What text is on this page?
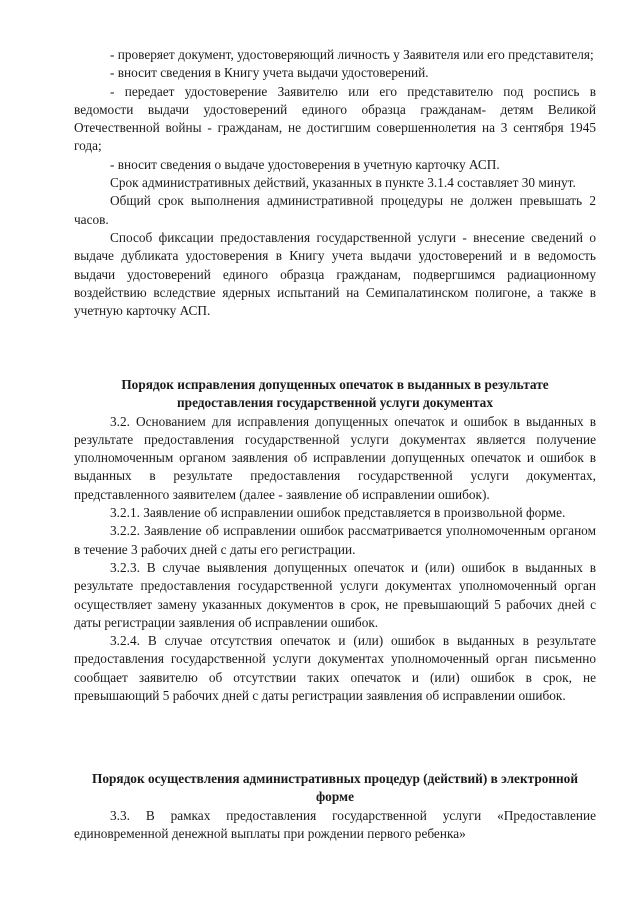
- проверяет документ, удостоверяющий личность у Заявителя или его представителя;

- вносит сведения в Книгу учета выдачи удостоверений.

- передает удостоверение Заявителю или его представителю под роспись в ведомости выдачи удостоверений единого образца гражданам- детям Великой Отечественной войны - гражданам, не достигшим совершеннолетия на 3 сентября 1945 года;

- вносит сведения о выдаче удостоверения в учетную карточку АСП.

Срок административных действий, указанных в пункте 3.1.4 составляет 30 минут.

Общий срок выполнения административной процедуры не должен превышать 2 часов.

Способ фиксации предоставления государственной услуги - внесение сведений о выдаче дубликата удостоверения в Книгу учета выдачи удостоверений и в ведомость выдачи удостоверений единого образца гражданам, подвергшимся радиационному воздействию вследствие ядерных испытаний на Семипалатинском полигоне, а также в учетную карточку АСП.

Порядок исправления допущенных опечаток в выданных в результате предоставления государственной услуги документах

3.2. Основанием для исправления допущенных опечаток и ошибок в выданных в результате предоставления государственной услуги документах является получение уполномоченным органом заявления об исправлении допущенных опечаток и ошибок в выданных в результате предоставления государственной услуги документах, представленного заявителем (далее - заявление об исправлении ошибок).

3.2.1. Заявление об исправлении ошибок представляется в произвольной форме.

3.2.2. Заявление об исправлении ошибок рассматривается уполномоченным органом в течение 3 рабочих дней с даты его регистрации.

3.2.3. В случае выявления допущенных опечаток и (или) ошибок в выданных в результате предоставления государственной услуги документах уполномоченный орган осуществляет замену указанных документов в срок, не превышающий 5 рабочих дней с даты регистрации заявления об исправлении ошибок.

3.2.4. В случае отсутствия опечаток и (или) ошибок в выданных в результате предоставления государственной услуги документах уполномоченный орган письменно сообщает заявителю об отсутствии таких опечаток и (или) ошибок в срок, не превышающий 5 рабочих дней с даты регистрации заявления об исправлении ошибок.

Порядок осуществления административных процедур (действий) в электронной форме

3.3. В рамках предоставления государственной услуги «Предоставление единовременной денежной выплаты при рождении первого ребенка»
